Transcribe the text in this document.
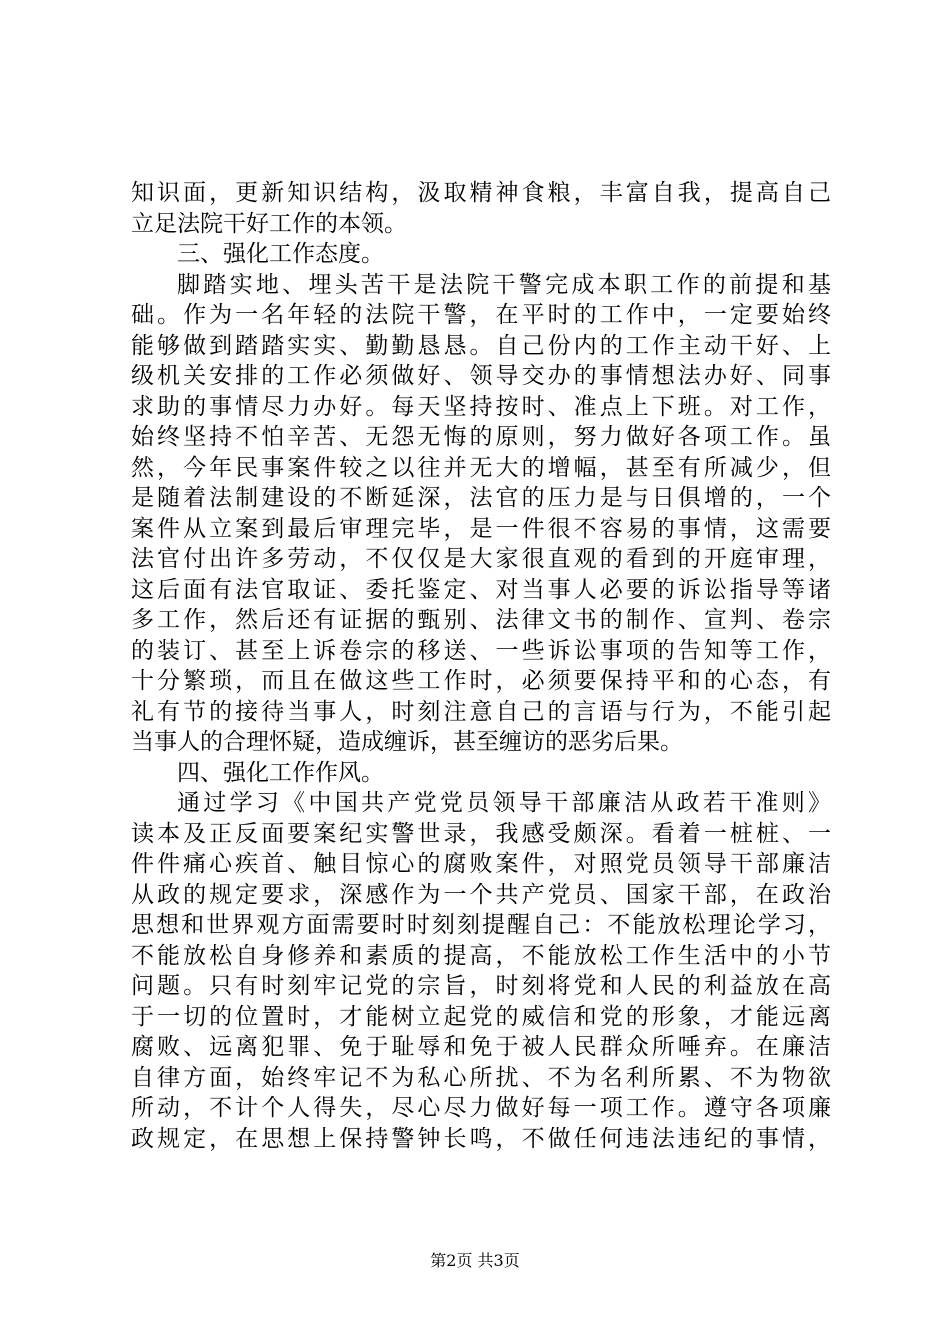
知识面，更新知识结构，汲取精神食粮，丰富自我，提高自己
立足法院干好工作的本领。
三、强化工作态度。
脚踏实地、埋头苦干是法院干警完成本职工作的前提和基
础。作为一名年轻的法院干警，在平时的工作中，一定要始终
能够做到踏踏实实、勤勤恳恳。自己份内的工作主动干好、上
级机关安排的工作必须做好、领导交办的事情想法办好、同事
求助的事情尽力办好。每天坚持按时、准点上下班。对工作，
始终坚持不怕辛苦、无怨无悔的原则，努力做好各项工作。虽
然，今年民事案件较之以往并无大的增幅，甚至有所减少，但
是随着法制建设的不断延深，法官的压力是与日俱增的，一个
案件从立案到最后审理完毕，是一件很不容易的事情，这需要
法官付出许多劳动，不仅仅是大家很直观的看到的开庭审理，
这后面有法官取证、委托鉴定、对当事人必要的诉讼指导等诸
多工作，然后还有证据的甄别、法律文书的制作、宣判、卷宗
的装订、甚至上诉卷宗的移送、一些诉讼事项的告知等工作，
十分繁琐，而且在做这些工作时，必须要保持平和的心态，有
礼有节的接待当事人，时刻注意自己的言语与行为，不能引起
当事人的合理怀疑，造成缠诉，甚至缠访的恶劣后果。
四、强化工作作风。
通过学习《中国共产党党员领导干部廉洁从政若干准则》
读本及正反面要案纪实警世录，我感受颇深。看着一桩桩、一
件件痛心疾首、触目惊心的腐败案件，对照党员领导干部廉洁
从政的规定要求，深感作为一个共产党员、国家干部，在政治
思想和世界观方面需要时时刻刻提醒自己：不能放松理论学习，
不能放松自身修养和素质的提高，不能放松工作生活中的小节
问题。只有时刻牢记党的宗旨，时刻将党和人民的利益放在高
于一切的位置时，才能树立起党的威信和党的形象，才能远离
腐败、远离犯罪、免于耻辱和免于被人民群众所唾弃。在廉洁
自律方面，始终牢记不为私心所扰、不为名利所累、不为物欲
所动，不计个人得失，尽心尽力做好每一项工作。遵守各项廉
政规定，在思想上保持警钟长鸣，不做任何违法违纪的事情，
第2页 共3页
